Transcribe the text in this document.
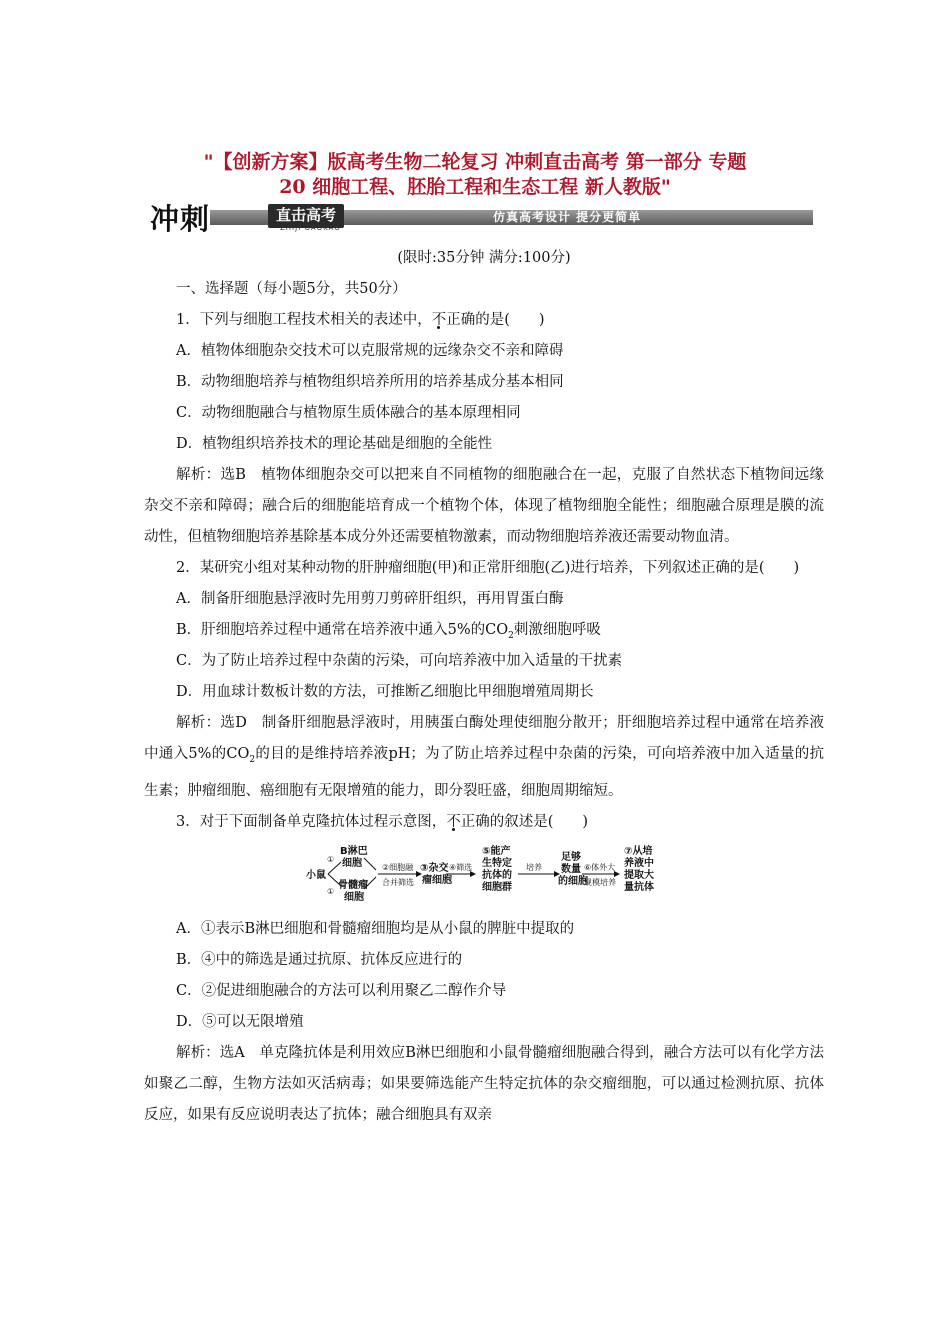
"【创新方案】版高考生物二轮复习 冲刺直击高考 第一部分 专题
20 细胞工程、胚胎工程和生态工程 新人教版"
冲刺	直击高考
ZHIJI GAOKAO
仿真高考设计 提分更简单
(限时:35分钟 满分:100分)
一、选择题（每小题5分，共50分）
1．下列与细胞工程技术相关的表述中，不正确的是(　　)
A．植物体细胞杂交技术可以克服常规的远缘杂交不亲和障碍
B．动物细胞培养与植物组织培养所用的培养基成分基本相同
C．动物细胞融合与植物原生质体融合的基本原理相同
D．植物组织培养技术的理论基础是细胞的全能性
解析：选B　植物体细胞杂交可以把来自不同植物的细胞融合在一起，克服了自然状态下植物间远缘杂交不亲和障碍；融合后的细胞能培育成一个植物个体，体现了植物细胞全能性；细胞融合原理是膜的流动性，但植物细胞培养基除基本成分外还需要植物激素，而动物细胞培养液还需要动物血清。
2．某研究小组对某种动物的肝肿瘤细胞(甲)和正常肝细胞(乙)进行培养，下列叙述正确的是(　　)
A．制备肝细胞悬浮液时先用剪刀剪碎肝组织，再用胃蛋白酶
B．肝细胞培养过程中通常在培养液中通入5%的$CO_2$刺激细胞呼吸
C．为了防止培养过程中杂菌的污染，可向培养液中加入适量的干扰素
D．用血球计数板计数的方法，可推断乙细胞比甲细胞增殖周期长
解析：选D　制备肝细胞悬浮液时，用胰蛋白酶处理使细胞分散开；肝细胞培养过程中通常在培养液中通入5%的$CO_2$的目的是维持培养液pH；为了防止培养过程中杂菌的污染，可向培养液中加入适量的抗生素；肿瘤细胞、癌细胞有无限增殖的能力，即分裂旺盛，细胞周期缩短。
3．对于下面制备单克隆抗体过程示意图，不正确的叙述是(　　)
小鼠
①
①
B淋巴
细胞
骨髓瘤
细胞
②细胞融
合并筛选
③杂交
瘤细胞
④筛选
⑤能产
生特定
抗体的
细胞群
培养
足够
数量
的细胞
⑥体外大
规模培养
⑦从培
养液中
提取大
量抗体
A．①表示B淋巴细胞和骨髓瘤细胞均是从小鼠的脾脏中提取的
B．④中的筛选是通过抗原、抗体反应进行的
C．②促进细胞融合的方法可以利用聚乙二醇作介导
D．⑤可以无限增殖
解析：选A　单克隆抗体是利用效应B淋巴细胞和小鼠骨髓瘤细胞融合得到，融合方法可以有化学方法如聚乙二醇，生物方法如灭活病毒；如果要筛选能产生特定抗体的杂交瘤细胞，可以通过检测抗原、抗体反应，如果有反应说明表达了抗体；融合细胞具有双亲
